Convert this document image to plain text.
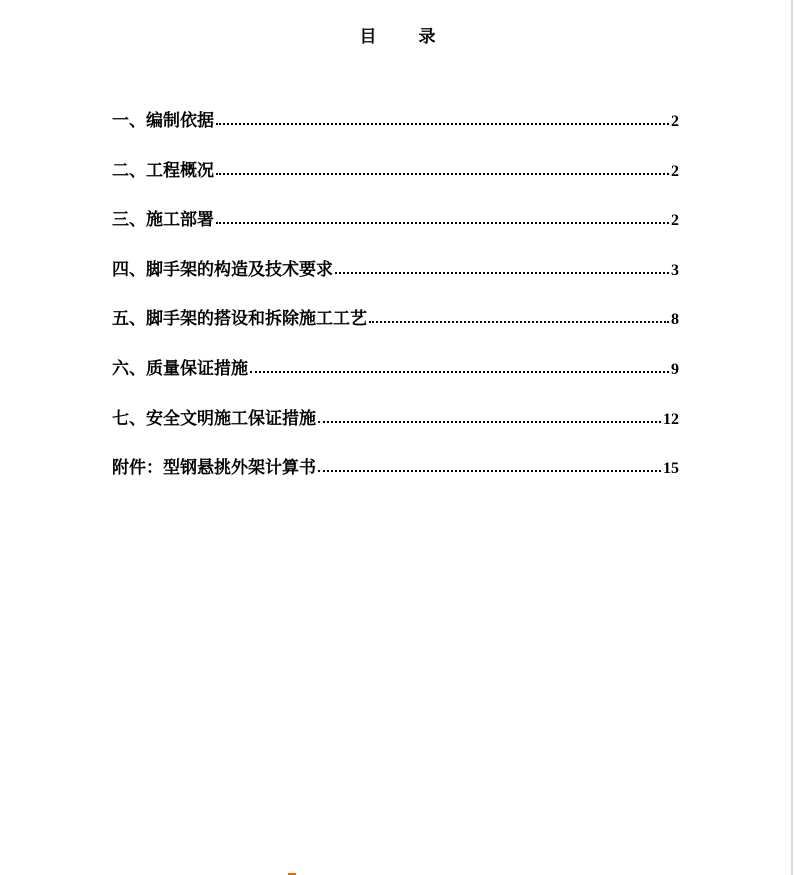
目 录
一、编制依据	2
二、工程概况	2
三、施工部署	2
四、脚手架的构造及技术要求	3
五、脚手架的搭设和拆除施工工艺	8
六、质量保证措施	9
七、安全文明施工保证措施	12
附件：型钢悬挑外架计算书	15
